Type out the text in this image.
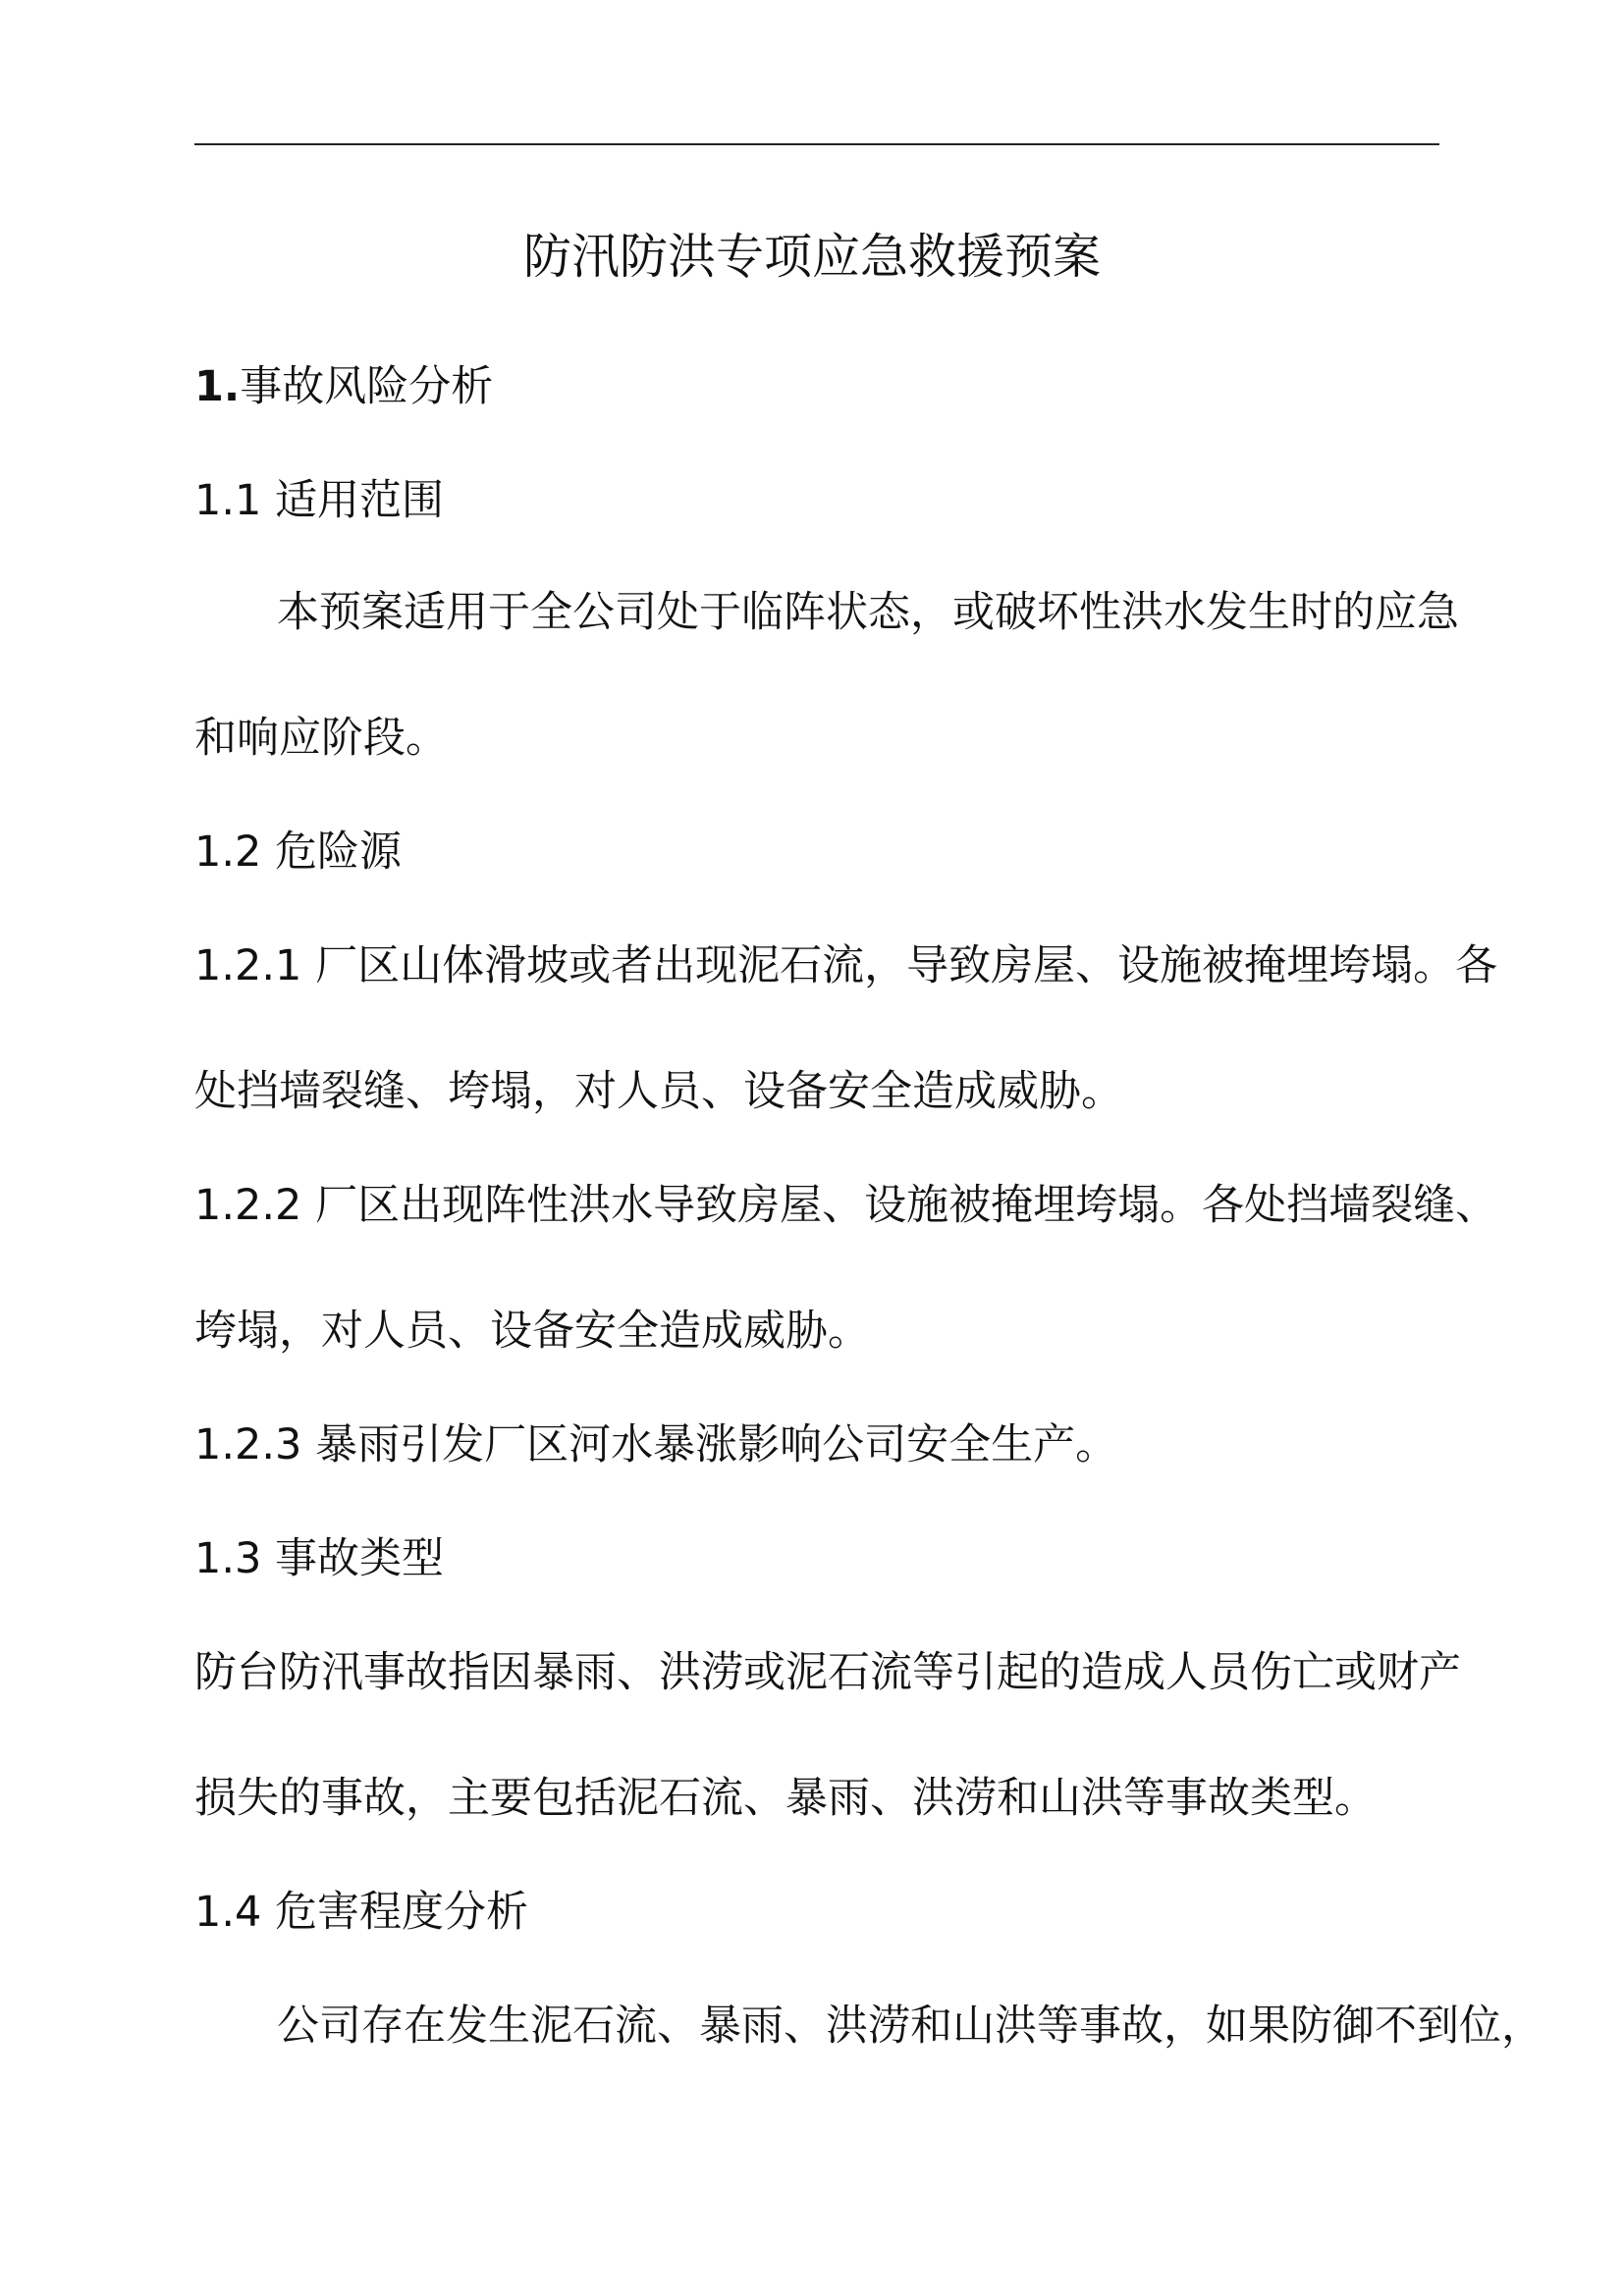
防汛防洪专项应急救援预案

1.事故风险分析

1.1 适用范围

本预案适用于全公司处于临阵状态，或破坏性洪水发生时的应急

和响应阶段。

1.2 危险源

1.2.1 厂区山体滑坡或者出现泥石流，导致房屋、设施被掩埋垮塌。各

处挡墙裂缝、垮塌，对人员、设备安全造成威胁。

1.2.2 厂区出现阵性洪水导致房屋、设施被掩埋垮塌。各处挡墙裂缝、

垮塌，对人员、设备安全造成威胁。

1.2.3 暴雨引发厂区河水暴涨影响公司安全生产。

1.3 事故类型

防台防汛事故指因暴雨、洪涝或泥石流等引起的造成人员伤亡或财产

损失的事故，主要包括泥石流、暴雨、洪涝和山洪等事故类型。

1.4 危害程度分析

公司存在发生泥石流、暴雨、洪涝和山洪等事故，如果防御不到位，
